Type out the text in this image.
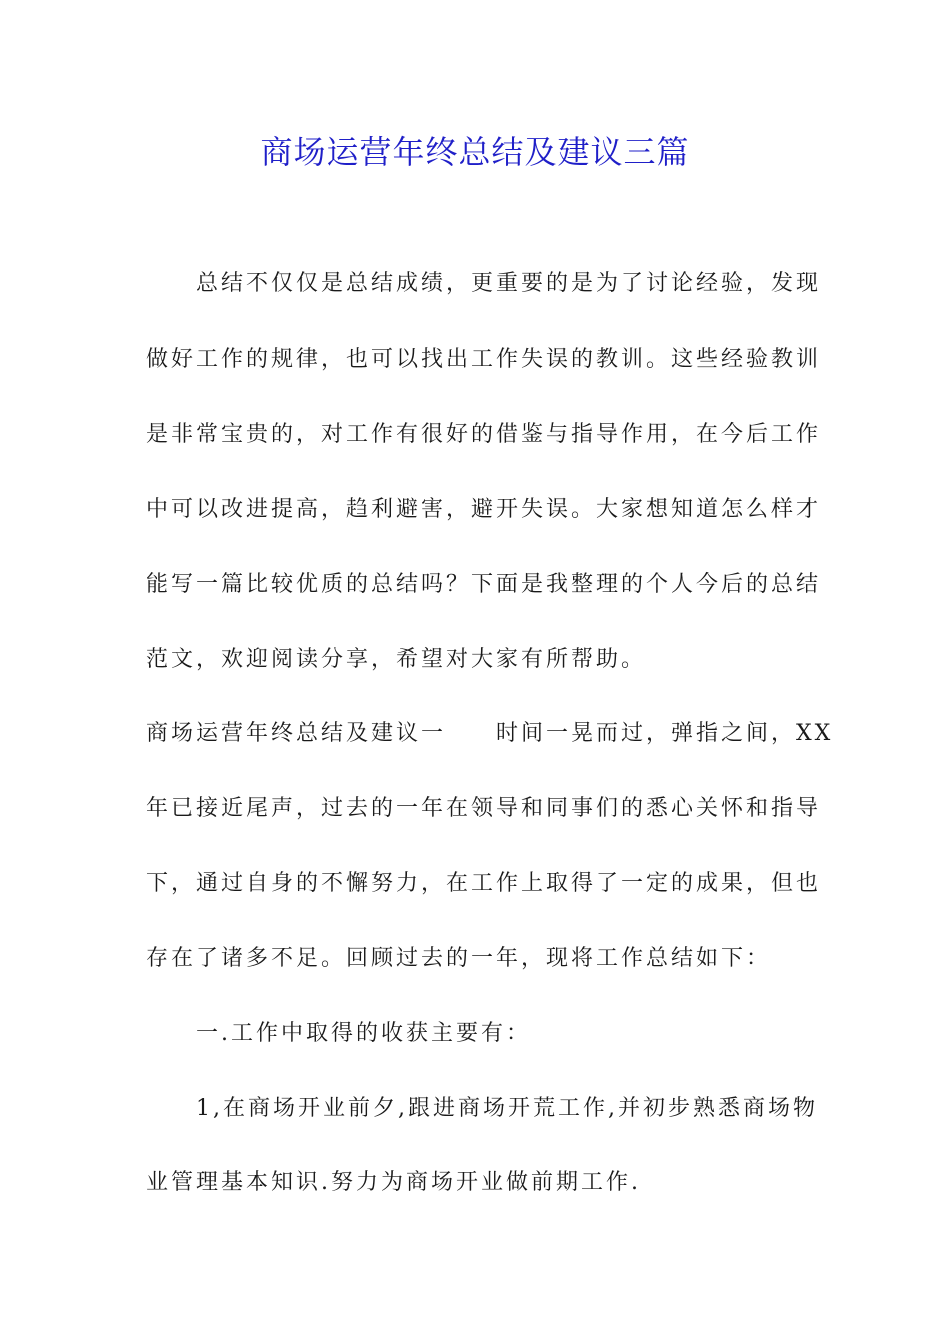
商场运营年终总结及建议三篇
总结不仅仅是总结成绩，更重要的是为了讨论经验，发现
做好工作的规律，也可以找出工作失误的教训。这些经验教训
是非常宝贵的，对工作有很好的借鉴与指导作用，在今后工作
中可以改进提高，趋利避害，避开失误。大家想知道怎么样才
能写一篇比较优质的总结吗？下面是我整理的个人今后的总结
范文，欢迎阅读分享，希望对大家有所帮助。
商场运营年终总结及建议一 时间一晃而过，弹指之间，XX
年已接近尾声，过去的一年在领导和同事们的悉心关怀和指导
下，通过自身的不懈努力，在工作上取得了一定的成果，但也
存在了诸多不足。回顾过去的一年，现将工作总结如下：
一.工作中取得的收获主要有：
1,在商场开业前夕,跟进商场开荒工作,并初步熟悉商场物
业管理基本知识.努力为商场开业做前期工作.
